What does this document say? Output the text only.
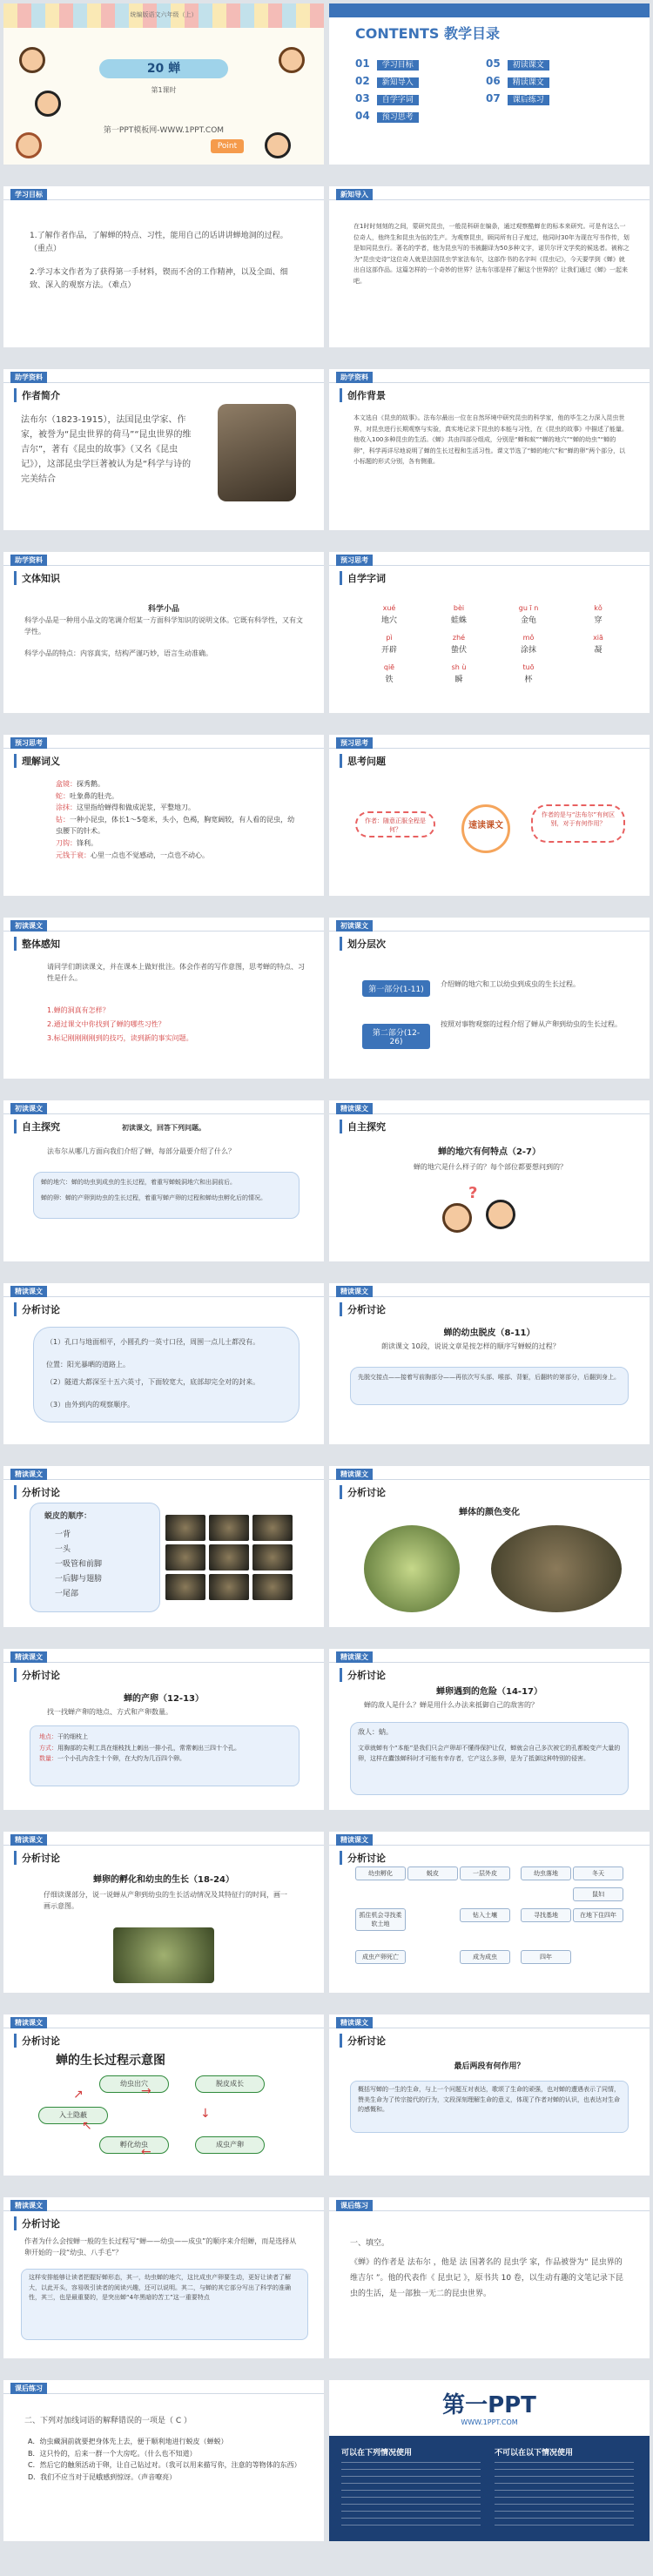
统编版语文六年级（上）
20 蝉
第1课时
第一PPT模板网-WWW.1PPT.COM
Point
CONTENTS 教学目录
01 学习目标
02 新知导入
03 自学字词
04 预习思考
05 初读课文
06 精读课文
07 课后练习
学习目标
1.了解作者作品，了解蝉的特点、习性，能用自己的话讲讲蝉地洞的过程。（重点）
2.学习本文作者为了获得第一手材料，锲而不舍的工作精神，以及全面、细致、深入的观察方法。（难点）
新知导入
在1时时刻刻的之间，蒙研究昆虫，一般昆科研在编条，通过观察酷蝉在的标本来研究。可是有这么一位奇人，他终生和昆虫为伍的生产。为观察昆虫，顾同所有日子度过，他同时30年为现在写书作传，划是如同昆虫行。著名的学者，他为昆虫写的书被翻译为50多种文字，诺贝尔评文学奖的候选者。被称之为“昆虫史诗”这位奇人就是法国昆虫学家法布尔，这部作书的名字叫《昆虫记》，今天要学到《蝉》就出自这部作品。这篇怎样的一个奇妙的世界？法布尔那是样了解这个世界的？让我们通过《蝉》一起来吧。
助学资料
作者简介
法布尔（1823-1915），法国昆虫学家、作家，被誉为“昆虫世界的荷马”“昆虫世界的维吉尔”，著有《昆虫的故事》（又名《昆虫记》），这部昆虫学巨著被认为是“科学与诗的完美结合
助学资料
创作背景
本文选自《昆虫的故事》。法布尔最出一位在自然环境中研究昆虫的科学家，他的毕生之力深入昆虫世界，对昆虫进行长期观察与实验，真实地记录下昆虫的本能与习性，在《昆虫的故事》中描述了能量。他收入100多种昆虫的生活。《蝉》共由四部分组成，分别是“蝉和蚁”“蝉的地穴”“蝉的幼虫”“蝉的卵”，科学再详尽地说明了蝉的生长过程和生活习性。课文节选了“蝉的地穴”和“蝉的卵”两个部分，以小标题的形式分别，各有侧重。
助学资料
文体知识
科学小品
科学小品是一种用小品文的笔调介绍某一方面科学知识的说明文体。它既有科学性，又有文学性。
科学小品的特点：内容真实，结构严谨巧妙，语言生动准确。
预习思考
自学字词
xué
地穴
bèi
蛙蛛
gu ī n
金龟
kǒ
穿
pì
开辟
zhé
蛰伏
mǒ
涂抹
xiā
凝
qiē
铁
sh ù
瞬
tuō
杯
预习思考
理解词义
盒镜：探秀鹅。
蛇：吐象鼻的肚壳。
涂抹：这里指给蝉得和做成泥浆，平整地刀。
钻：一种小昆虫，体长1～5毫米，头小，色褐，胸宽阔较，有人看的昆虫，幼虫腰下的针术。
刀钩：锋利。
元钱于衰：心里一点也不觉感动，一点也不动心。
预习思考
思考问题
作者：随意正服全程是何？	速读课文
作者的是与“法布尔”有何区别，对于有何作用？
初读课文
整体感知
请同学们朗读课文，并在课本上做好批注。体会作者的写作意图，思考蝉的特点、习性是什么。
1.蝉的洞真有怎样？
2.通过课文中你找到了蝉的哪些习性？
3.标记刚刚刚刚到的技巧，读到新的事实问题。
初读课文
划分层次
第一部分(1-11)
介绍蝉的地穴和工以幼虫到成虫的生长过程。
第二部分(12-26)
按照对事物观察的过程介绍了蝉从产卵到幼虫的生长过程。
初读课文
自主探究	初读课文，回答下列问题。
法布尔从哪几方面向我们介绍了蝉，每部分最要介绍了什么？
蝉的地穴：蝉的幼虫到成虫的生长过程，着重写蝉蜕洞地穴和出洞前后。
蝉的卵：蝉的产卵到幼虫的生长过程，着重写蝉产卵的过程和蝉幼虫孵化后的情况。
精读课文
自主探究
蝉的地穴有何特点（2-7）
蝉的地穴是什么样子的？每个部位都要想问到的？
?
精读课文
分析讨论
（1）孔口与地面相平，小圆孔约一英寸口径，周围一点儿土都没有。
位置：阳光暴晒的道路上。
（2）隧道大都深至十五六英寸，下面较宽大，底部却完全对的封来。
（3）由外到内的观察顺序。
精读课文
分析讨论
蝉的幼虫脱皮（8-11）
朗读课文 10段，说说文章是按怎样的顺序写蝉蜕的过程？
先脱交接点——接着写前胸部分——再依次写头部、喉部、背躯，后翻转的第部分，后翻到身上。
精读课文
分析讨论
蜕皮的顺序：
一背
一头
一吸管和前脚
一后脚与翅膀
一尾部
精读课文
分析讨论
蝉体的颜色变化
精读课文
分析讨论
蝉的产卵（12-13）
找一找蝉产卵的地点、方式和产卵数量。
地点：干的细枝上
方式：用胸部的尖利工具在细枝找上刺出一排小孔，常常刺出三四十个孔。
数量：一个小孔内含生十个卵，在大约为几百四个卵。
精读课文
分析讨论
蝉卵遇到的危险（14-17）
蝉的敌人是什么？蝉是用什么办法来抵御自己的敌害的？
敌人：蚋。
文章就蝉有个“本能”是我们只会产卵却不懂得保护让仅，蝉就会自己多次被它的孔都蜕变产大量的卵，这样在蠹蚀蝉科时才可能有幸存者，它产这么多卵，是为了抵御这种特别的侵害。
精读课文
分析讨论
蝉卵的孵化和幼虫的生长（18-24）
仔细读课部分，说一说蝉从产卵到幼虫的生长活动情况及其特征行的时间，画一画示意图。
精读课文
分析讨论
幼虫孵化	蜕皮	一层外皮	幼虫落地	冬天
鼠妇
抓住机会寻找柔软土地
钻入土壤	寻找基地	在地下住四年
成虫产卵死亡	成为成虫	四年
精读课文
分析讨论
蝉的生长过程示意图
幼虫出穴	脱皮成长
成虫产卵
孵化幼虫
入土隐蔽
→
↓
←
↖
↗
精读课文
分析讨论
最后两段有何作用？
概括写蝉的一生的生命，与上一个问题互对表达，歌颂了生命的顽强，也对蝉的遭遇表示了同情，赞美生命为了传宗接代的行为，文段深刻理解生命的意义，体现了作者对蝉的认识，也表达对生命的感慨和。
精读课文
分析讨论
作者为什么会按蝉一般的生长过程写“蝉——幼虫——成虫”的顺序来介绍蝉，而是选择从卵开始的一段“幼虫、八手毛”？
这样安排能够让读者把握好蝉形态，其一，幼虫蝉的地穴，这比成虫产卵要生动，更好让读者了解大，以此开头，容易吸引读者的阅读兴趣，还可以说明。其二，与蝉的其它部分写出了科学的准确性，其三，也是最重要的，是突出蝉“4年黑暗的苦工”这一重要特点
课后练习
一、填空。
《蝉》的作者是 法布尔 ，他是 法 国著名的 昆虫学 家，作品被誉为“ 昆虫界的维吉尔 ”。他的代表作《 昆虫记 》，原书共 10 卷，以生动有趣的文笔记录下昆虫的生活，是一部独一无二的昆虫世界。
课后练习
二、下列对加线词语的解释错误的一项是（ C ）
A．幼虫藏洞前就要把身体先上去，便于顺利地进行蜕皮（蝉蜕）
B．这只怜的，后来一群一个大房吃。（什么也不知道）
C．然后它的触须活动于卵，让自己钻过对。（我可以用来描写你，注意的等物体的东西）
D．我们不应当对于昆蛾感到惊讶。（声音嘹亮）
第一PPT
WWW.1PPT.COM
可以在下列情况使用	不可以在以下情况使用
